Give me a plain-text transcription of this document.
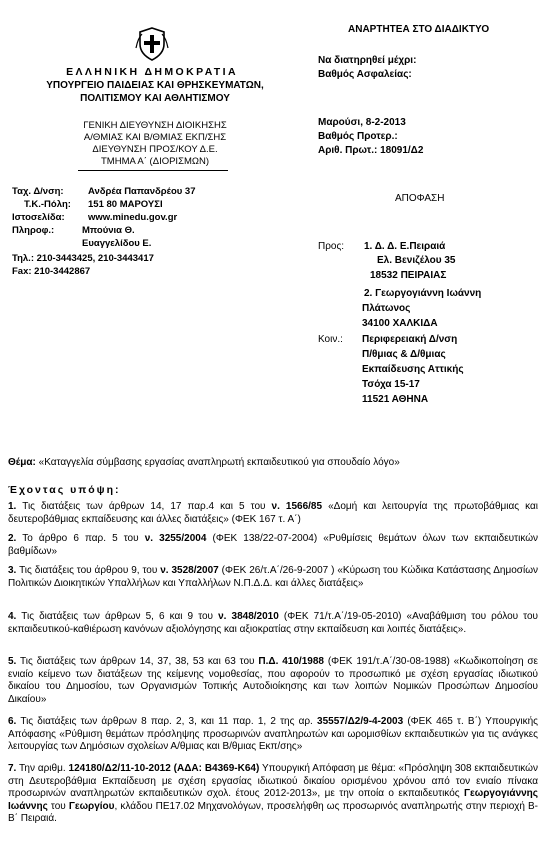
ΕΛΛΗΝΙΚΗ ΔΗΜΟΚΡΑΤΙΑ
ΥΠΟΥΡΓΕΙΟ ΠΑΙΔΕΙΑΣ ΚΑΙ ΘΡΗΣΚΕΥΜΑΤΩΝ,
ΠΟΛΙΤΙΣΜΟΥ ΚΑΙ ΑΘΛΗΤΙΣΜΟΥ
ΓΕΝΙΚΗ ΔΙΕΥΘΥΝΣΗ ΔΙΟΙΚΗΣΗΣ
Α/ΘΜΙΑΣ ΚΑΙ Β/ΘΜΙΑΣ ΕΚΠ/ΣΗΣ
ΔΙΕΥΘΥΝΣΗ ΠΡΟΣ/ΚΟΥ Δ.Ε.
ΤΜΗΜΑ Α΄ (ΔΙΟΡΙΣΜΩΝ)
Ταχ. Δ/νση:	Ανδρέα Παπανδρέου 37
Τ.Κ.-Πόλη: 151 80 ΜΑΡΟΥΣΙ
Ιστοσελίδα: www.minedu.gov.gr
Πληροφ.:	Μπούνια Θ.
Ευαγγελίδου Ε.
Τηλ.: 210-3443425, 210-3443417
Fax: 210-3442867
ΑΝΑΡΤΗΤΕΑ ΣΤΟ ΔΙΑΔΙΚΤΥΟ
Να διατηρηθεί μέχρι:
Βαθμός Ασφαλείας:
Μαρούσι, 8-2-2013
Βαθμός Προτερ.:
Αριθ. Πρωτ.: 18091/Δ2
ΑΠΟΦΑΣΗ
Προς: 1. Δ. Δ. Ε.Πειραιά
Ελ. Βενιζέλου 35
18532 ΠΕΙΡΑΙΑΣ
2. Γεωργογιάννη Ιωάννη
Πλάτωνος
34100 ΧΑΛΚΙΔΑ
Κοιν.: Περιφερειακή Δ/νση
Π/θμιας & Δ/θμιας
Εκπαίδευσης Αττικής
Τσόχα 15-17
11521 ΑΘΗΝΑ
Θέμα: «Καταγγελία σύμβασης εργασίας αναπληρωτή εκπαιδευτικού για σπουδαίο λόγο»
Έχοντας υπόψη:
1. Τις διατάξεις των άρθρων 14, 17 παρ.4 και 5 του ν. 1566/85 «Δομή και λειτουργία της πρωτοβάθμιας και δευτεροβάθμιας εκπαίδευσης και άλλες διατάξεις» (ΦΕΚ 167 τ. Α΄)
2. Το άρθρο 6 παρ. 5 του ν. 3255/2004 (ΦΕΚ 138/22-07-2004) «Ρυθμίσεις θεμάτων όλων των εκπαιδευτικών βαθμίδων»
3. Τις διατάξεις του άρθρου 9, του ν. 3528/2007 (ΦΕΚ 26/τ.Α΄/26-9-2007 ) «Κύρωση του Κώδικα Κατάστασης Δημοσίων Πολιτικών Διοικητικών Υπαλλήλων και Υπαλλήλων Ν.Π.Δ.Δ. και άλλες διατάξεις»
4. Τις διατάξεις των άρθρων 5, 6 και 9 του ν. 3848/2010 (ΦΕΚ 71/τ.Α΄/19-05-2010) «Αναβάθμιση του ρόλου του εκπαιδευτικού-καθιέρωση κανόνων αξιολόγησης και αξιοκρατίας στην εκπαίδευση και λοιπές διατάξεις».
5. Τις διατάξεις των άρθρων 14, 37, 38, 53 και 63 του Π.Δ. 410/1988 (ΦΕΚ 191/τ.Α΄/30-08-1988) «Κωδικοποίηση σε ενιαίο κείμενο των διατάξεων της κείμενης νομοθεσίας, που αφορούν το προσωπικό με σχέση εργασίας ιδιωτικού δικαίου του Δημοσίου, των Οργανισμών Τοπικής Αυτοδιοίκησης και των λοιπών Νομικών Προσώπων Δημοσίου Δικαίου»
6. Τις διατάξεις των άρθρων 8 παρ. 2, 3, και 11 παρ. 1, 2 της αρ. 35557/Δ2/9-4-2003 (ΦΕΚ 465 τ. Β΄) Υπουργικής Απόφασης «Ρύθμιση θεμάτων πρόσληψης προσωρινών αναπληρωτών και ωρομισθίων εκπαιδευτικών για τις ανάγκες λειτουργίας των Δημόσιων σχολείων Α/θμιας και Β/θμιας Εκπ/σης»
7. Την αριθμ. 124180/Δ2/11-10-2012 (ΑΔΑ: Β4369-Κ64) Υπουργική Απόφαση με θέμα: «Πρόσληψη 308 εκπαιδευτικών στη Δευτεροβάθμια Εκπαίδευση με σχέση εργασίας ιδιωτικού δικαίου ορισμένου χρόνου από τον ενιαίο πίνακα προσωρινών αναπληρωτών εκπαιδευτικών σχολ. έτους 2012-2013», με την οποία ο εκπαιδευτικός Γεωργογιάννης Ιωάννης του Γεωργίου, κλάδου ΠΕ17.02 Μηχανολόγων, προσελήφθη ως προσωρινός αναπληρωτής στην περιοχή Β-Β΄ Πειραιά.
